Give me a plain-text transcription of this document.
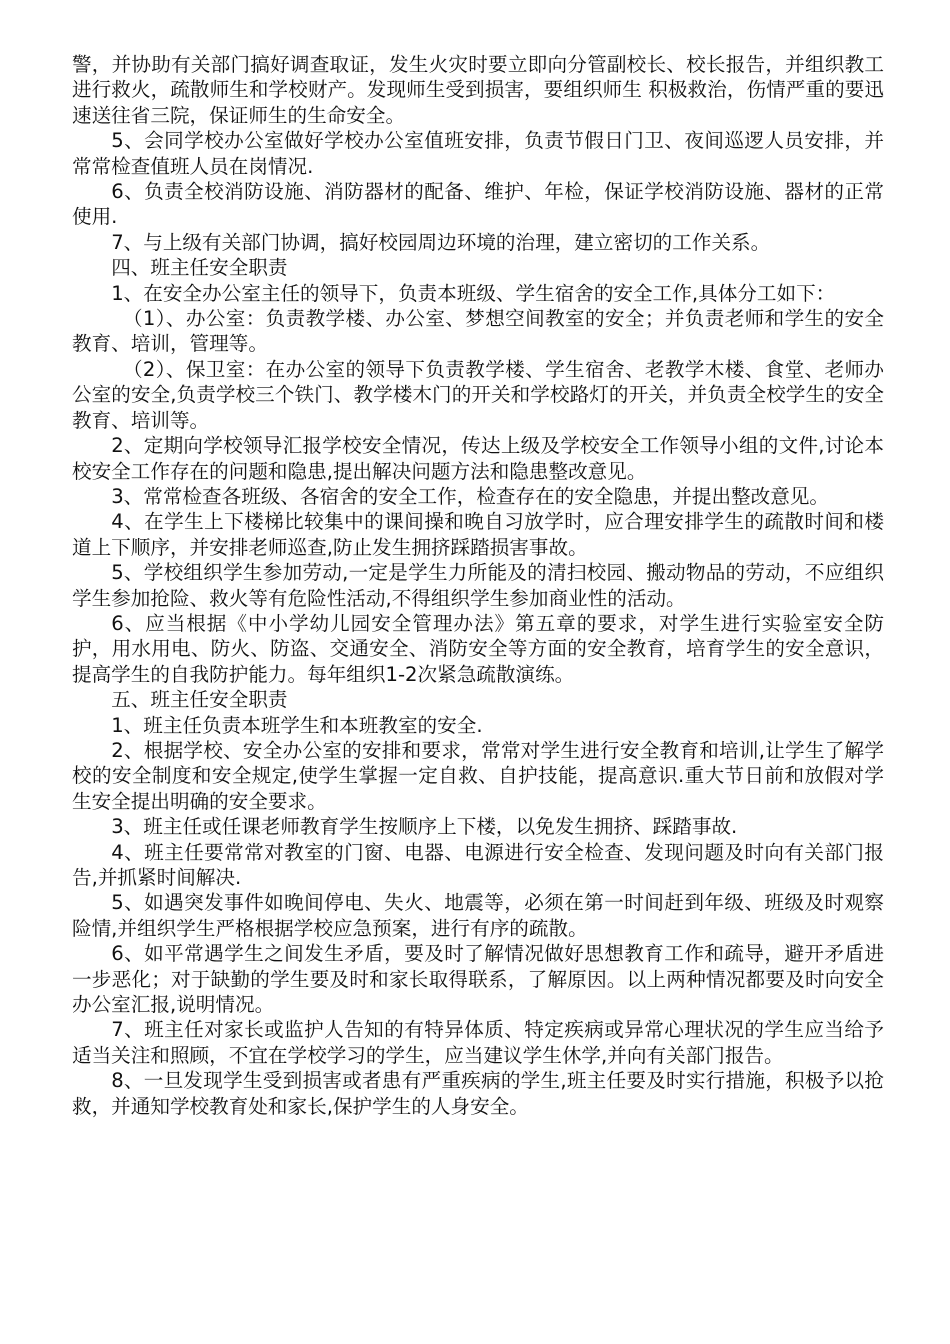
警，并协助有关部门搞好调查取证，发生火灾时要立即向分管副校长、校长报告，并组织教工进行救火，疏散师生和学校财产。发现师生受到损害，要组织师生 积极救治，伤情严重的要迅速送往省三院，保证师生的生命安全。

5、会同学校办公室做好学校办公室值班安排，负责节假日门卫、夜间巡逻人员安排，并常常检查值班人员在岗情况.

6、负责全校消防设施、消防器材的配备、维护、年检，保证学校消防设施、器材的正常使用.

7、与上级有关部门协调，搞好校园周边环境的治理，建立密切的工作关系。

四、班主任安全职责

1、在安全办公室主任的领导下，负责本班级、学生宿舍的安全工作,具体分工如下：

（1）、办公室：负责教学楼、办公室、梦想空间教室的安全；并负责老师和学生的安全教育、培训，管理等。

（2）、保卫室：在办公室的领导下负责教学楼、学生宿舍、老教学木楼、食堂、老师办公室的安全,负责学校三个铁门、教学楼木门的开关和学校路灯的开关，并负责全校学生的安全教育、培训等。

2、定期向学校领导汇报学校安全情况，传达上级及学校安全工作领导小组的文件,讨论本校安全工作存在的问题和隐患,提出解决问题方法和隐患整改意见。

3、常常检查各班级、各宿舍的安全工作，检查存在的安全隐患，并提出整改意见。

4、在学生上下楼梯比较集中的课间操和晚自习放学时，应合理安排学生的疏散时间和楼道上下顺序，并安排老师巡查,防止发生拥挤踩踏损害事故。

5、学校组织学生参加劳动,一定是学生力所能及的清扫校园、搬动物品的劳动，不应组织学生参加抢险、救火等有危险性活动,不得组织学生参加商业性的活动。

6、应当根据《中小学幼儿园安全管理办法》第五章的要求，对学生进行实验室安全防护，用水用电、防火、防盗、交通安全、消防安全等方面的安全教育，培育学生的安全意识，提高学生的自我防护能力。每年组织1-2次紧急疏散演练。

五、班主任安全职责

1、班主任负责本班学生和本班教室的安全.

2、根据学校、安全办公室的安排和要求，常常对学生进行安全教育和培训,让学生了解学校的安全制度和安全规定,使学生掌握一定自救、自护技能，提高意识.重大节日前和放假对学生安全提出明确的安全要求。

3、班主任或任课老师教育学生按顺序上下楼，以免发生拥挤、踩踏事故.

4、班主任要常常对教室的门窗、电器、电源进行安全检查、发现问题及时向有关部门报告,并抓紧时间解决.

5、如遇突发事件如晚间停电、失火、地震等，必须在第一时间赶到年级、班级及时观察险情,并组织学生严格根据学校应急预案，进行有序的疏散。

6、如平常遇学生之间发生矛盾，要及时了解情况做好思想教育工作和疏导，避开矛盾进一步恶化；对于缺勤的学生要及时和家长取得联系，了解原因。以上两种情况都要及时向安全办公室汇报,说明情况。

7、班主任对家长或监护人告知的有特异体质、特定疾病或异常心理状况的学生应当给予适当关注和照顾，不宜在学校学习的学生，应当建议学生休学,并向有关部门报告。

8、一旦发现学生受到损害或者患有严重疾病的学生,班主任要及时实行措施，积极予以抢救，并通知学校教育处和家长,保护学生的人身安全。
